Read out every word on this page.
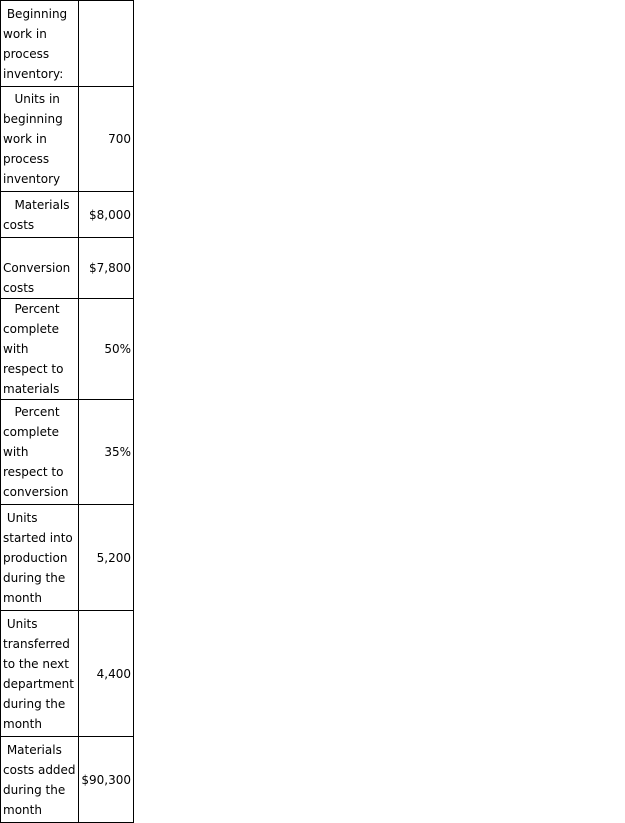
Beginning work in process inventory:	
Units in beginning work in process inventory	700
Materials costs	$8,000
Conversion costs	$7,800
Percent complete with respect to materials	50%
Percent complete with respect to conversion	35%
Units started into production during the month	5,200
Units transferred to the next department during the month	4,400
Materials costs added during the month	$90,300
